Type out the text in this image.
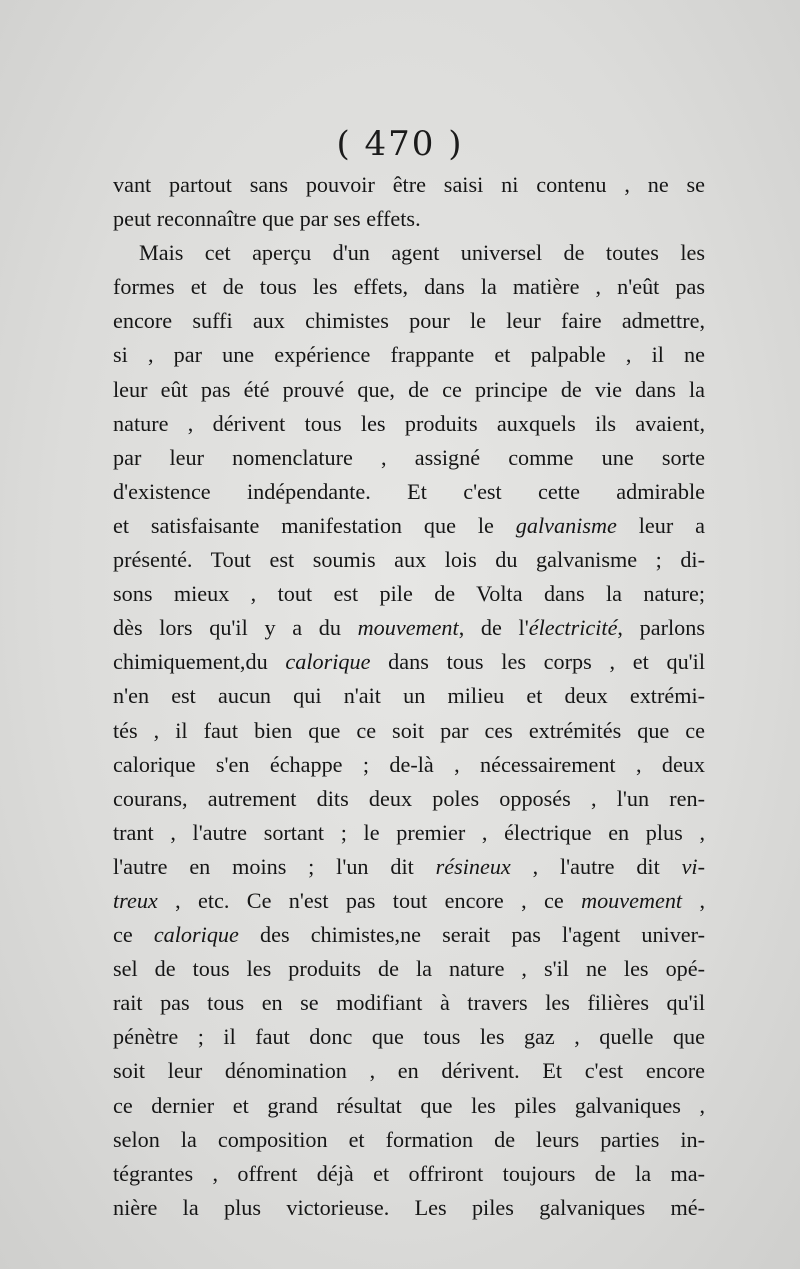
( 470 )
vant partout sans pouvoir être saisi ni contenu , ne se
peut reconnaître que par ses effets.
Mais cet aperçu d'un agent universel de toutes les
formes et de tous les effets, dans la matière , n'eût pas
encore suffi aux chimistes pour le leur faire admettre,
si , par une expérience frappante et palpable , il ne
leur eût pas été prouvé que, de ce principe de vie dans la
nature , dérivent tous les produits auxquels ils avaient,
par leur nomenclature , assigné comme une sorte
d'existence indépendante. Et c'est cette admirable
et satisfaisante manifestation que le galvanisme leur a
présenté. Tout est soumis aux lois du galvanisme ; di-
sons mieux , tout est pile de Volta dans la nature;
dès lors qu'il y a du mouvement, de l'électricité, parlons
chimiquement,du calorique dans tous les corps , et qu'il
n'en est aucun qui n'ait un milieu et deux extrémi-
tés , il faut bien que ce soit par ces extrémités que ce
calorique s'en échappe ; de-là , nécessairement , deux
courans, autrement dits deux poles opposés , l'un ren-
trant , l'autre sortant ; le premier , électrique en plus ,
l'autre en moins ; l'un dit résineux , l'autre dit vi-
treux , etc. Ce n'est pas tout encore , ce mouvement ,
ce calorique des chimistes,ne serait pas l'agent univer-
sel de tous les produits de la nature , s'il ne les opé-
rait pas tous en se modifiant à travers les filières qu'il
pénètre ; il faut donc que tous les gaz , quelle que
soit leur dénomination , en dérivent. Et c'est encore
ce dernier et grand résultat que les piles galvaniques ,
selon la composition et formation de leurs parties in-
tégrantes , offrent déjà et offriront toujours de la ma-
nière la plus victorieuse. Les piles galvaniques mé-
